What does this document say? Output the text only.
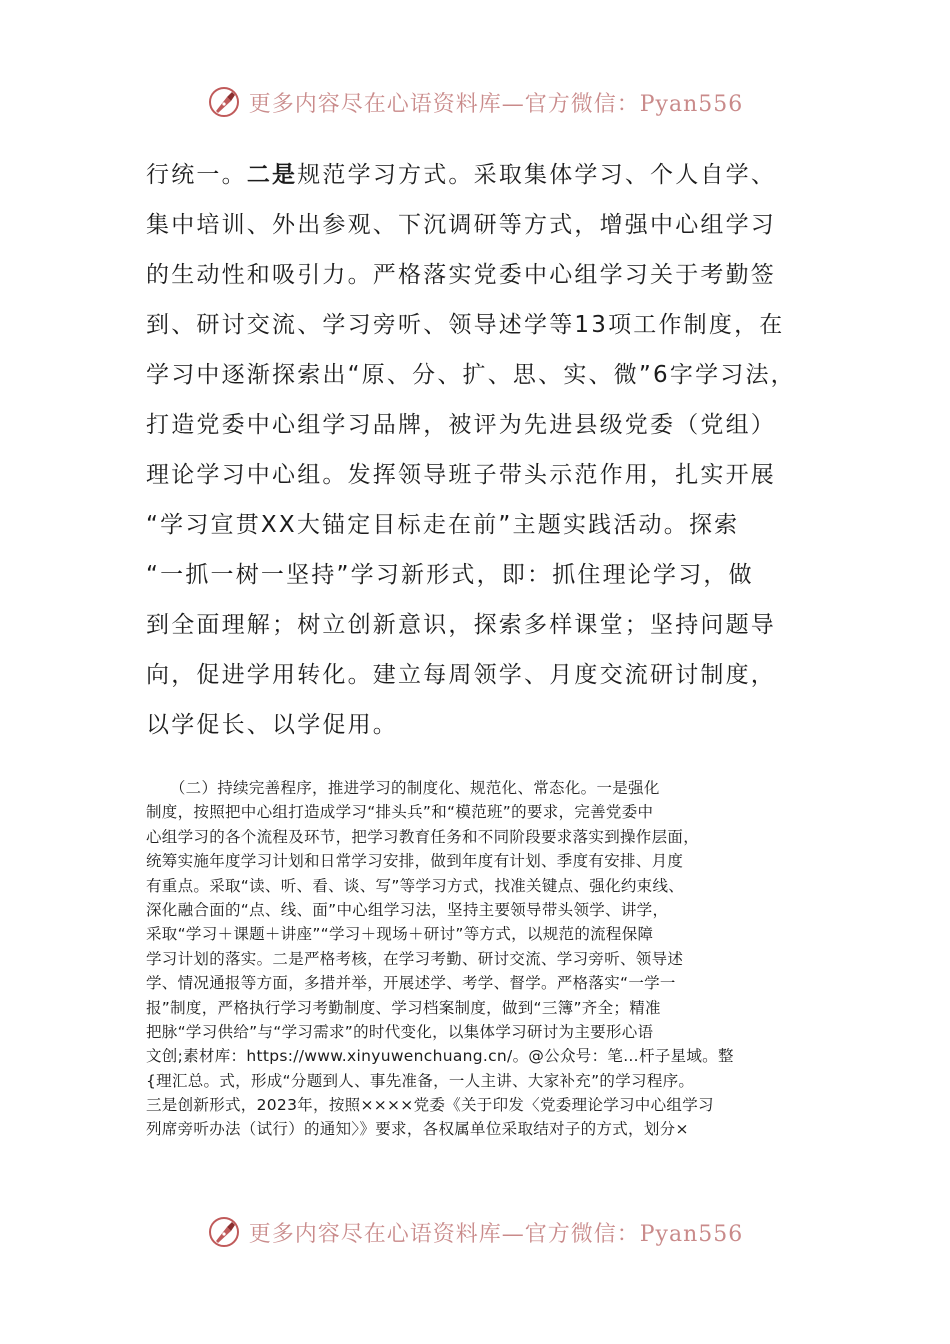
更多内容尽在心语资料库—官方微信：Pyan556
行统一。二是规范学习方式。采取集体学习、个人自学、
集中培训、外出参观、下沉调研等方式，增强中心组学习
的生动性和吸引力。严格落实党委中心组学习关于考勤签
到、研讨交流、学习旁听、领导述学等13项工作制度，在
学习中逐渐探索出“原、分、扩、思、实、微”6字学习法，
打造党委中心组学习品牌，被评为先进县级党委（党组）
理论学习中心组。发挥领导班子带头示范作用，扎实开展
“学习宣贯XX大锚定目标走在前”主题实践活动。探索
“一抓一树一坚持”学习新形式，即：抓住理论学习，做
到全面理解；树立创新意识，探索多样课堂；坚持问题导
向，促进学用转化。建立每周领学、月度交流研讨制度，
以学促长、以学促用。
　　（二）持续完善程序，推进学习的制度化、规范化、常态化。一是强化
制度，按照把中心组打造成学习“排头兵”和“模范班”的要求，完善党委中
心组学习的各个流程及环节，把学习教育任务和不同阶段要求落实到操作层面，
统筹实施年度学习计划和日常学习安排，做到年度有计划、季度有安排、月度
有重点。采取“读、听、看、谈、写”等学习方式，找准关键点、强化约束线、
深化融合面的“点、线、面”中心组学习法，坚持主要领导带头领学、讲学，
采取“学习＋课题＋讲座”“学习＋现场＋研讨”等方式，以规范的流程保障
学习计划的落实。二是严格考核，在学习考勤、研讨交流、学习旁听、领导述
学、情况通报等方面，多措并举，开展述学、考学、督学。严格落实“一学一
报”制度，严格执行学习考勤制度、学习档案制度，做到“三簿”齐全；精准
把脉“学习供给”与“学习需求”的时代变化，以集体学习研讨为主要形心语
文创;素材库：https://www.xinyuwenchuang.cn/。@公众号：笔…杆子星域。整
{理汇总。式，形成“分题到人、事先准备，一人主讲、大家补充”的学习程序。
三是创新形式，2023年，按照××××党委《关于印发〈党委理论学习中心组学习
列席旁听办法（试行）的通知〉》要求，各权属单位采取结对子的方式，划分×
更多内容尽在心语资料库—官方微信：Pyan556
